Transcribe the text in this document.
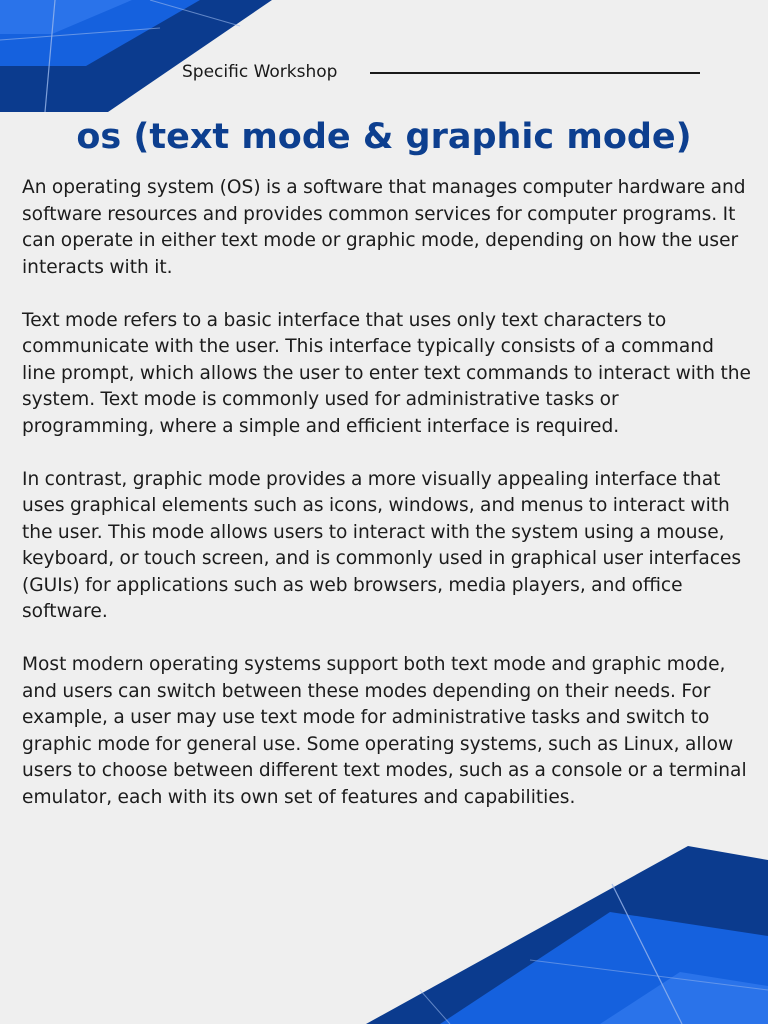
Specific Workshop
os (text mode & graphic mode)

An operating system (OS) is a software that manages computer hardware and software resources and provides common services for computer programs. It can operate in either text mode or graphic mode, depending on how the user interacts with it.

Text mode refers to a basic interface that uses only text characters to communicate with the user. This interface typically consists of a command line prompt, which allows the user to enter text commands to interact with the system. Text mode is commonly used for administrative tasks or programming, where a simple and efficient interface is required.

In contrast, graphic mode provides a more visually appealing interface that uses graphical elements such as icons, windows, and menus to interact with the user. This mode allows users to interact with the system using a mouse, keyboard, or touch screen, and is commonly used in graphical user interfaces (GUIs) for applications such as web browsers, media players, and office software.

Most modern operating systems support both text mode and graphic mode, and users can switch between these modes depending on their needs. For example, a user may use text mode for administrative tasks and switch to graphic mode for general use. Some operating systems, such as Linux, allow users to choose between different text modes, such as a console or a terminal emulator, each with its own set of features and capabilities.
